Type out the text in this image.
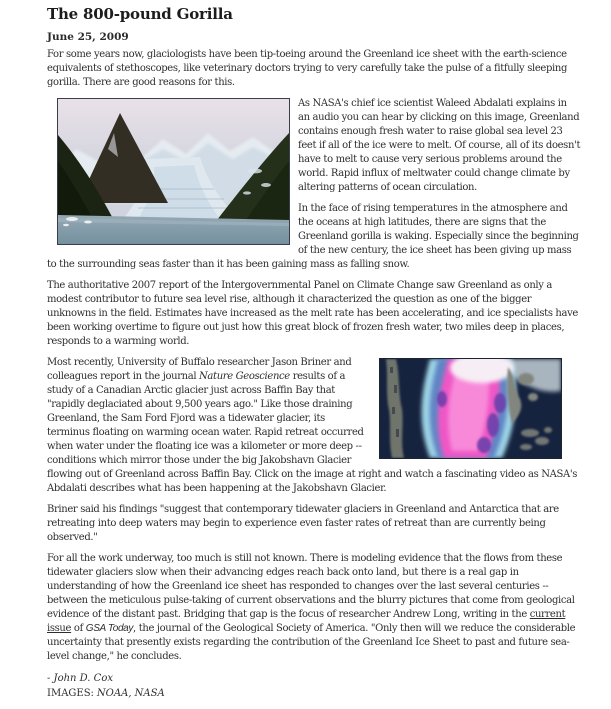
The 800-pound Gorilla
June 25, 2009

For some years now, glaciologists have been tip-toeing around the Greenland ice sheet with the earth-science equivalents of stethoscopes, like veterinary doctors trying to very carefully take the pulse of a fitfully sleeping gorilla. There are good reasons for this.

As NASA's chief ice scientist Waleed Abdalati explains in an audio you can hear by clicking on this image, Greenland contains enough fresh water to raise global sea level 23 feet if all of the ice were to melt. Of course, all of its doesn't have to melt to cause very serious problems around the world. Rapid influx of meltwater could change climate by altering patterns of ocean circulation.

In the face of rising temperatures in the atmosphere and the oceans at high latitudes, there are signs that the Greenland gorilla is waking. Especially since the beginning of the new century, the ice sheet has been giving up mass to the surrounding seas faster than it has been gaining mass as falling snow.

The authoritative 2007 report of the Intergovernmental Panel on Climate Change saw Greenland as only a modest contributor to future sea level rise, although it characterized the question as one of the bigger unknowns in the field. Estimates have increased as the melt rate has been accelerating, and ice specialists have been working overtime to figure out just how this great block of frozen fresh water, two miles deep in places, responds to a warming world.

Most recently, University of Buffalo researcher Jason Briner and colleagues report in the journal Nature Geoscience results of a study of a Canadian Arctic glacier just across Baffin Bay that "rapidly deglaciated about 9,500 years ago." Like those draining Greenland, the Sam Ford Fjord was a tidewater glacier, its terminus floating on warming ocean water. Rapid retreat occurred when water under the floating ice was a kilometer or more deep -- conditions which mirror those under the big Jakobshavn Glacier flowing out of Greenland across Baffin Bay. Click on the image at right and watch a fascinating video as NASA's Abdalati describes what has been happening at the Jakobshavn Glacier.

Briner said his findings "suggest that contemporary tidewater glaciers in Greenland and Antarctica that are retreating into deep waters may begin to experience even faster rates of retreat than are currently being observed."

For all the work underway, too much is still not known. There is modeling evidence that the flows from these tidewater glaciers slow when their advancing edges reach back onto land, but there is a real gap in understanding of how the Greenland ice sheet has responded to changes over the last several centuries -- between the meticulous pulse-taking of current observations and the blurry pictures that come from geological evidence of the distant past. Bridging that gap is the focus of researcher Andrew Long, writing in the current issue of GSA Today, the journal of the Geological Society of America. "Only then will we reduce the considerable uncertainty that presently exists regarding the contribution of the Greenland Ice Sheet to past and future sea-level change," he concludes.

- John D. Cox

IMAGES: NOAA, NASA
